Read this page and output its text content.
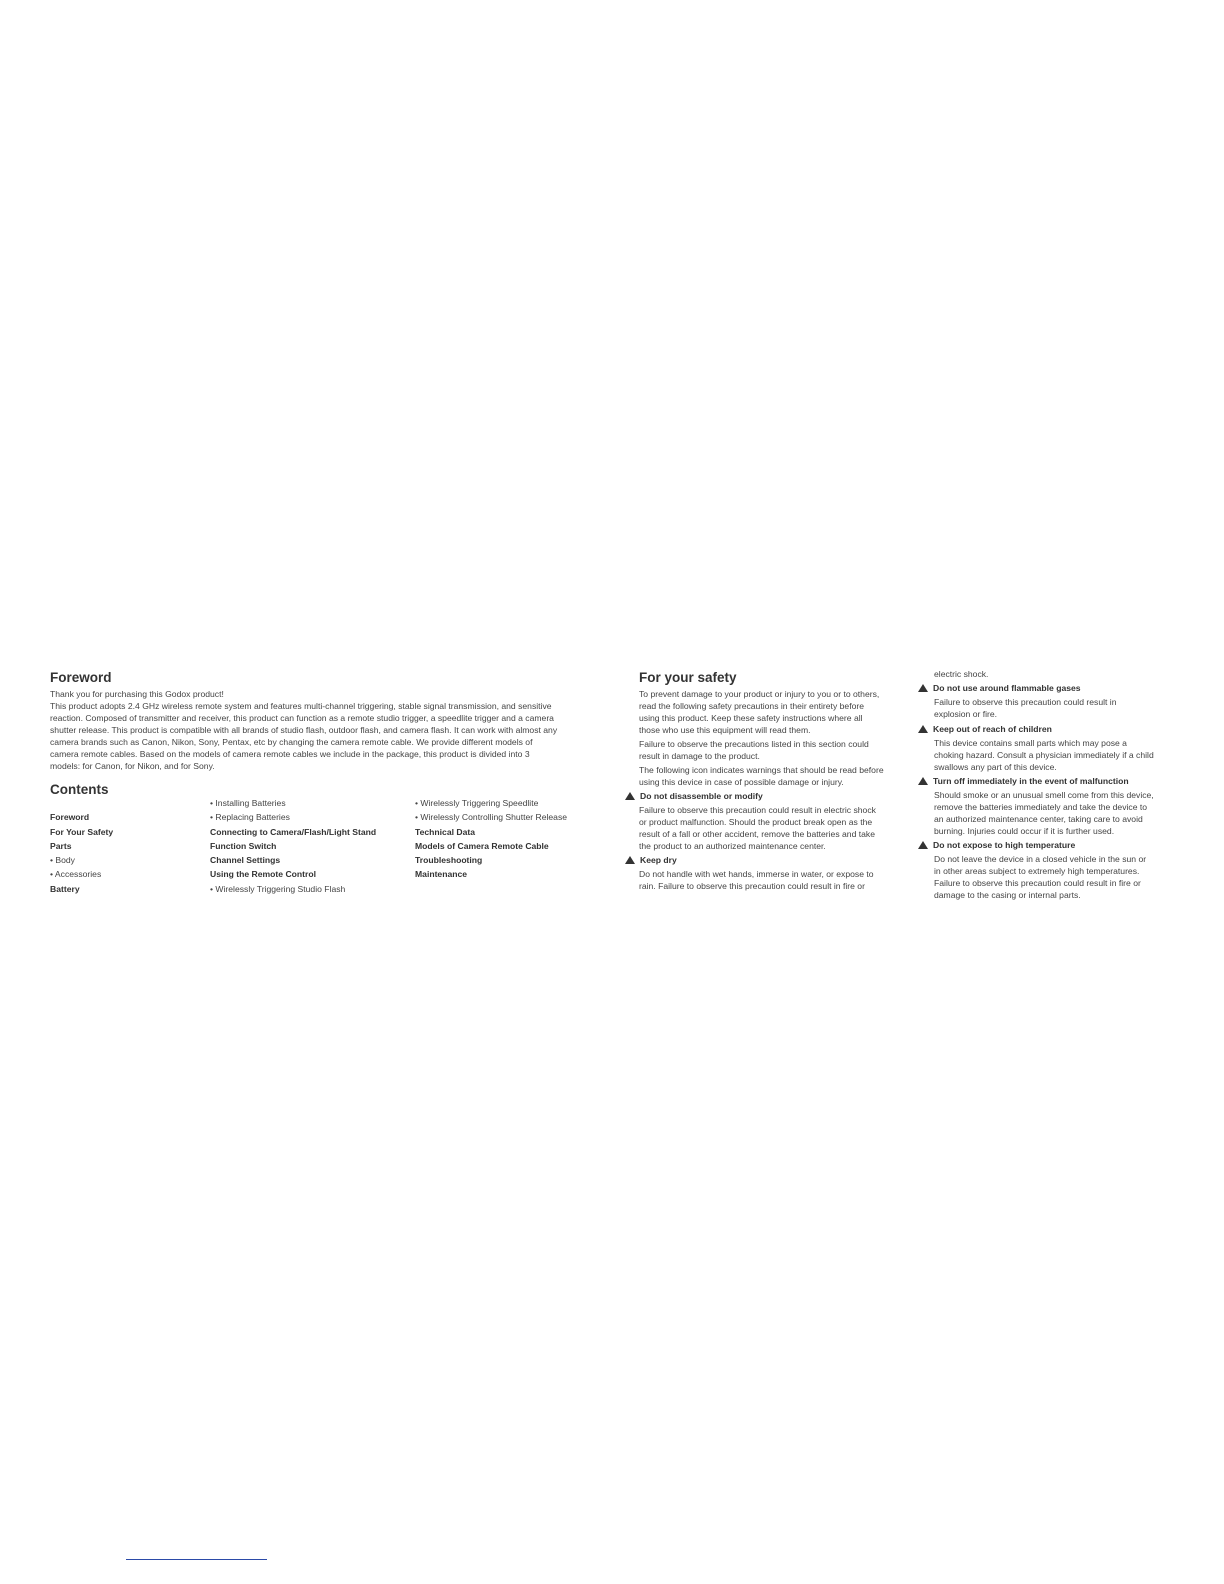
Foreword
Thank you for purchasing this Godox product!
This product adopts 2.4 GHz wireless remote system and features multi-channel triggering, stable signal transmission, and sensitive
reaction. Composed of transmitter and receiver, this product can function as a remote studio trigger, a speedlite trigger and a camera
shutter release. This product is compatible with all brands of studio flash, outdoor flash, and camera flash. It can work with almost any
camera brands such as Canon, Nikon, Sony, Pentax, etc by changing the camera remote cable. We provide different models of
camera remote cables. Based on the models of camera remote cables we include in the package, this product is divided into 3
models: for Canon, for Nikon, and for Sony.
Contents
Foreword
For Your Safety
Parts
• Body
• Accessories
Battery
• Installing Batteries
• Replacing Batteries
Connecting to Camera/Flash/Light Stand
Function Switch
Channel Settings
Using the Remote Control
• Wirelessly Triggering Studio Flash
• Wirelessly Triggering Speedlite
• Wirelessly Controlling Shutter Release
Technical Data
Models of Camera Remote Cable
Troubleshooting
Maintenance
For your safety
To prevent damage to your product or injury to you or to others,
read the following safety precautions in their entirety before
using this product. Keep these safety instructions where all
those who use this equipment will read them.
Failure to observe the precautions listed in this section could
result in damage to the product.
The following icon indicates warnings that should be read before
using this device in case of possible damage or injury.
Do not disassemble or modify
Failure to observe this precaution could result in electric shock
or product malfunction. Should the product break open as the
result of a fall or other accident, remove the batteries and take
the product to an authorized maintenance center.
Keep dry
Do not handle with wet hands, immerse in water, or expose to
rain. Failure to observe this precaution could result in fire or
electric shock.
Do not use around flammable gases
Failure to observe this precaution could result in
explosion or fire.
Keep out of reach of children
This device contains small parts which may pose a
choking hazard. Consult a physician immediately if a child
swallows any part of this device.
Turn off immediately in the event of malfunction
Should smoke or an unusual smell come from this device,
remove the batteries immediately and take the device to
an authorized maintenance center, taking care to avoid
burning. Injuries could occur if it is further used.
Do not expose to high temperature
Do not leave the device in a closed vehicle in the sun or
in other areas subject to extremely high temperatures.
Failure to observe this precaution could result in fire or
damage to the casing or internal parts.
